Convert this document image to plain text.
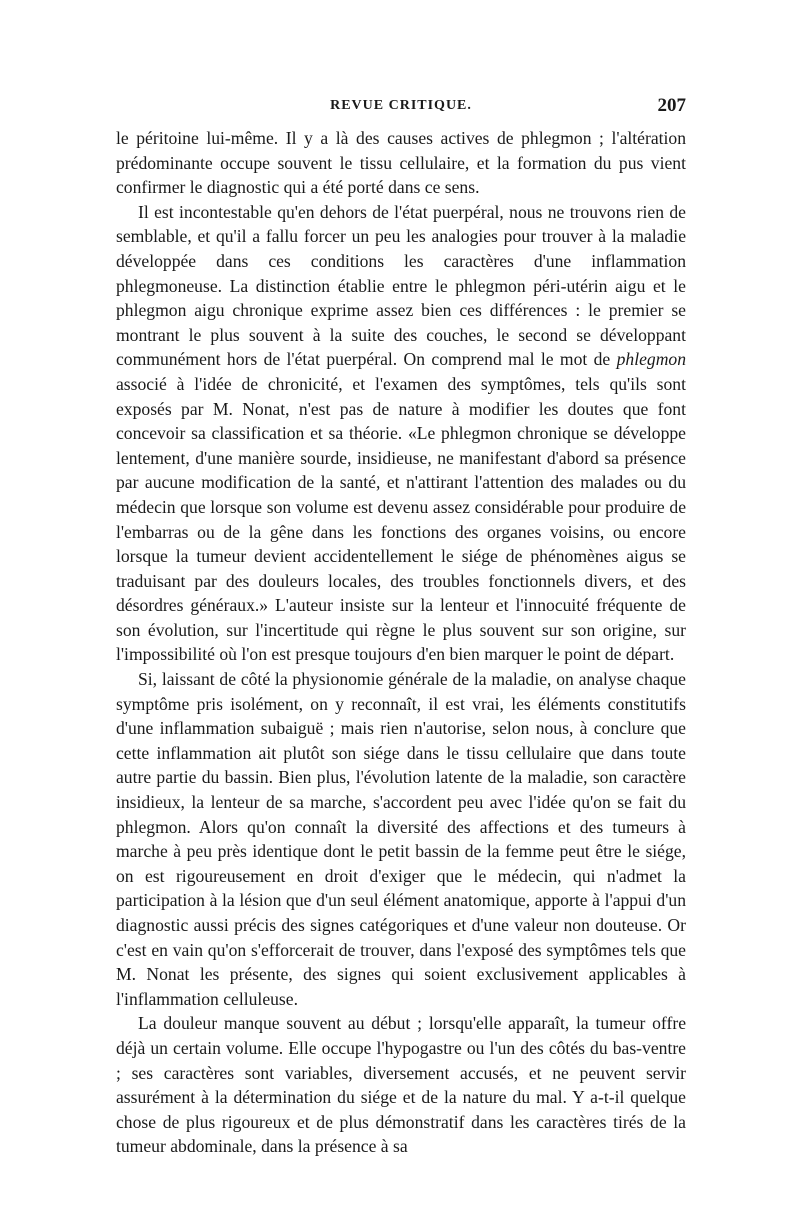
REVUE CRITIQUE.	207

le péritoine lui-même. Il y a là des causes actives de phlegmon ; l'altération prédominante occupe souvent le tissu cellulaire, et la formation du pus vient confirmer le diagnostic qui a été porté dans ce sens.

Il est incontestable qu'en dehors de l'état puerpéral, nous ne trouvons rien de semblable, et qu'il a fallu forcer un peu les analogies pour trouver à la maladie développée dans ces conditions les caractères d'une inflammation phlegmoneuse. La distinction établie entre le phlegmon péri-utérin aigu et le phlegmon aigu chronique exprime assez bien ces différences : le premier se montrant le plus souvent à la suite des couches, le second se développant communément hors de l'état puerpéral. On comprend mal le mot de phlegmon associé à l'idée de chronicité, et l'examen des symptômes, tels qu'ils sont exposés par M. Nonat, n'est pas de nature à modifier les doutes que font concevoir sa classification et sa théorie. «Le phlegmon chronique se développe lentement, d'une manière sourde, insidieuse, ne manifestant d'abord sa présence par aucune modification de la santé, et n'attirant l'attention des malades ou du médecin que lorsque son volume est devenu assez considérable pour produire de l'embarras ou de la gêne dans les fonctions des organes voisins, ou encore lorsque la tumeur devient accidentellement le siége de phénomènes aigus se traduisant par des douleurs locales, des troubles fonctionnels divers, et des désordres généraux.» L'auteur insiste sur la lenteur et l'innocuité fréquente de son évolution, sur l'incertitude qui règne le plus souvent sur son origine, sur l'impossibilité où l'on est presque toujours d'en bien marquer le point de départ.

Si, laissant de côté la physionomie générale de la maladie, on analyse chaque symptôme pris isolément, on y reconnaît, il est vrai, les éléments constitutifs d'une inflammation subaiguë ; mais rien n'autorise, selon nous, à conclure que cette inflammation ait plutôt son siége dans le tissu cellulaire que dans toute autre partie du bassin. Bien plus, l'évolution latente de la maladie, son caractère insidieux, la lenteur de sa marche, s'accordent peu avec l'idée qu'on se fait du phlegmon. Alors qu'on connaît la diversité des affections et des tumeurs à marche à peu près identique dont le petit bassin de la femme peut être le siége, on est rigoureusement en droit d'exiger que le médecin, qui n'admet la participation à la lésion que d'un seul élément anatomique, apporte à l'appui d'un diagnostic aussi précis des signes catégoriques et d'une valeur non douteuse. Or c'est en vain qu'on s'efforcerait de trouver, dans l'exposé des symptômes tels que M. Nonat les présente, des signes qui soient exclusivement applicables à l'inflammation celluleuse.

La douleur manque souvent au début ; lorsqu'elle apparaît, la tumeur offre déjà un certain volume. Elle occupe l'hypogastre ou l'un des côtés du bas-ventre ; ses caractères sont variables, diversement accusés, et ne peuvent servir assurément à la détermination du siége et de la nature du mal. Y a-t-il quelque chose de plus rigoureux et de plus démonstratif dans les caractères tirés de la tumeur abdominale, dans la présence à sa
